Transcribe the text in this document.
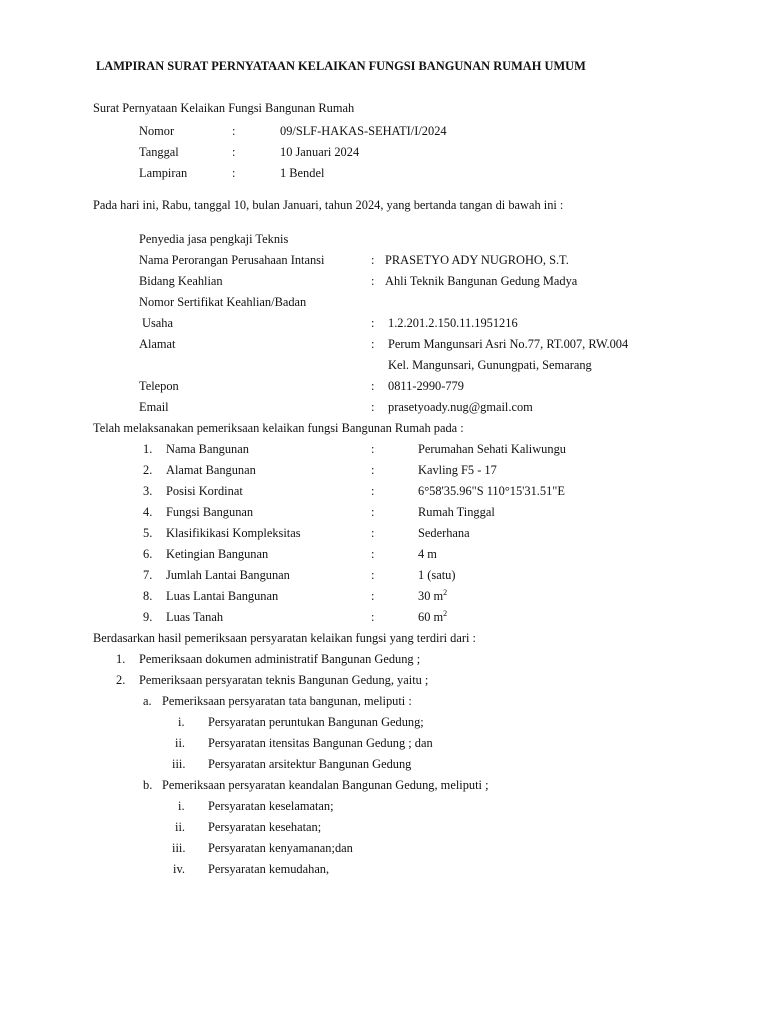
LAMPIRAN SURAT PERNYATAAN KELAIKAN FUNGSI BANGUNAN RUMAH UMUM
Surat Pernyataan Kelaikan Fungsi Bangunan Rumah
Nomor	:	09/SLF-HAKAS-SEHATI/I/2024
Tanggal	:	10 Januari 2024
Lampiran	:	1 Bendel
Pada hari ini, Rabu, tanggal 10, bulan Januari, tahun 2024, yang bertanda tangan di bawah ini :
Penyedia jasa pengkaji Teknis
Nama Perorangan Perusahaan Intansi	: PRASETYO ADY NUGROHO, S.T.
Bidang Keahlian	: Ahli Teknik Bangunan Gedung Madya
Nomor Sertifikat Keahlian/Badan
Usaha	: 1.2.201.2.150.11.1951216
Alamat	: Perum Mangunsari Asri No.77, RT.007, RW.004
Kel. Mangunsari, Gunungpati, Semarang
Telepon	: 0811-2990-779
Email	: prasetyoady.nug@gmail.com
Telah melaksanakan pemeriksaan kelaikan fungsi Bangunan Rumah pada :
1. Nama Bangunan	:	Perumahan Sehati Kaliwungu
2. Alamat Bangunan	:	Kavling F5 - 17
3. Posisi Kordinat	:	6°58'35.96"S 110°15'31.51"E
4. Fungsi Bangunan	:	Rumah Tinggal
5. Klasifikikasi Kompleksitas	:	Sederhana
6. Ketingian Bangunan	:	4 m
7. Jumlah Lantai Bangunan	:	1 (satu)
8. Luas Lantai Bangunan	:	30 $m^2$
9. Luas Tanah	:	60 $m^2$
Berdasarkan hasil pemeriksaan persyaratan kelaikan fungsi yang terdiri dari :
1. Pemeriksaan dokumen administratif Bangunan Gedung ;
2. Pemeriksaan persyaratan teknis Bangunan Gedung, yaitu ;
a. Pemeriksaan persyaratan tata bangunan, meliputi :
i. Persyaratan peruntukan Bangunan Gedung;
ii. Persyaratan itensitas Bangunan Gedung ; dan
iii. Persyaratan arsitektur Bangunan Gedung
b. Pemeriksaan persyaratan keandalan Bangunan Gedung, meliputi ;
i. Persyaratan keselamatan;
ii. Persyaratan kesehatan;
iii. Persyaratan kenyamanan;dan
iv. Persyaratan kemudahan,
